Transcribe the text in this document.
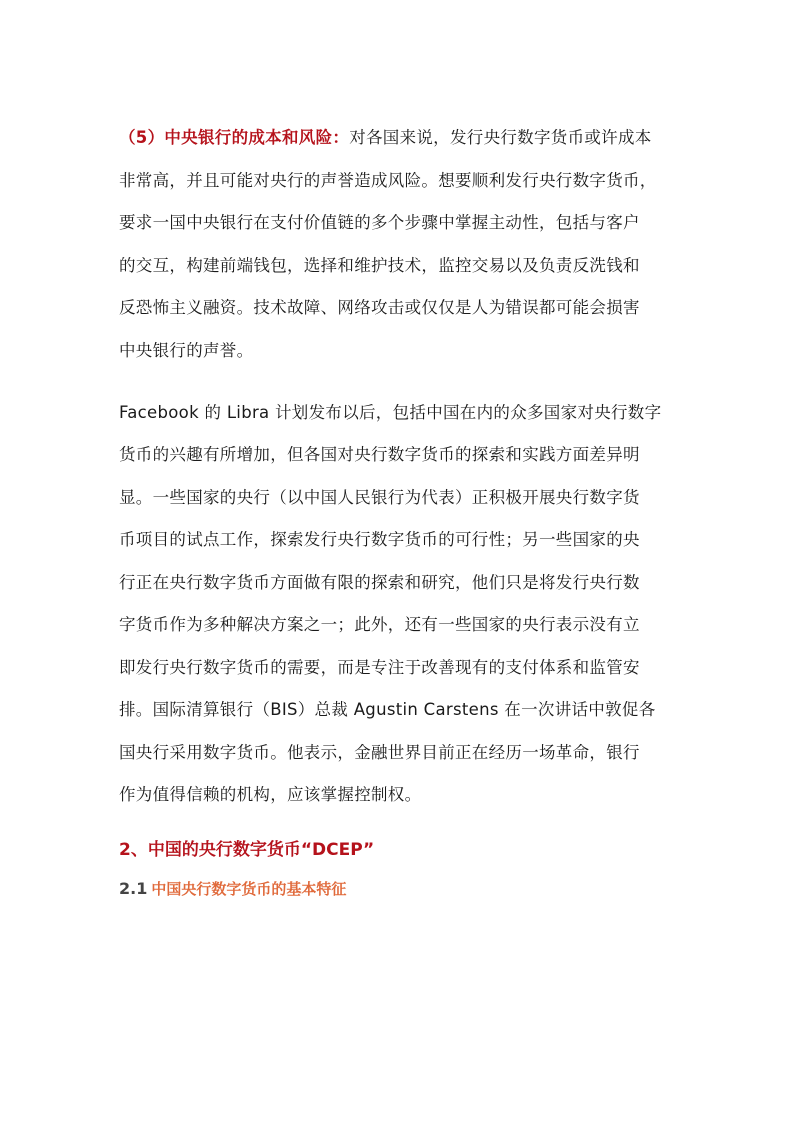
（5）中央银行的成本和风险：对各国来说，发行央行数字货币或许成本
非常高，并且可能对央行的声誉造成风险。想要顺利发行央行数字货币，
要求一国中央银行在支付价值链的多个步骤中掌握主动性，包括与客户
的交互，构建前端钱包，选择和维护技术，监控交易以及负责反洗钱和
反恐怖主义融资。技术故障、网络攻击或仅仅是人为错误都可能会损害
中央银行的声誉。
Facebook 的 Libra 计划发布以后，包括中国在内的众多国家对央行数字
货币的兴趣有所增加，但各国对央行数字货币的探索和实践方面差异明
显。一些国家的央行（以中国人民银行为代表）正积极开展央行数字货
币项目的试点工作，探索发行央行数字货币的可行性；另一些国家的央
行正在央行数字货币方面做有限的探索和研究，他们只是将发行央行数
字货币作为多种解决方案之一；此外，还有一些国家的央行表示没有立
即发行央行数字货币的需要，而是专注于改善现有的支付体系和监管安
排。国际清算银行（BIS）总裁 Agustin Carstens 在一次讲话中敦促各
国央行采用数字货币。他表示，金融世界目前正在经历一场革命，银行
作为值得信赖的机构，应该掌握控制权。
2、中国的央行数字货币“DCEP”
2.1 中国央行数字货币的基本特征
